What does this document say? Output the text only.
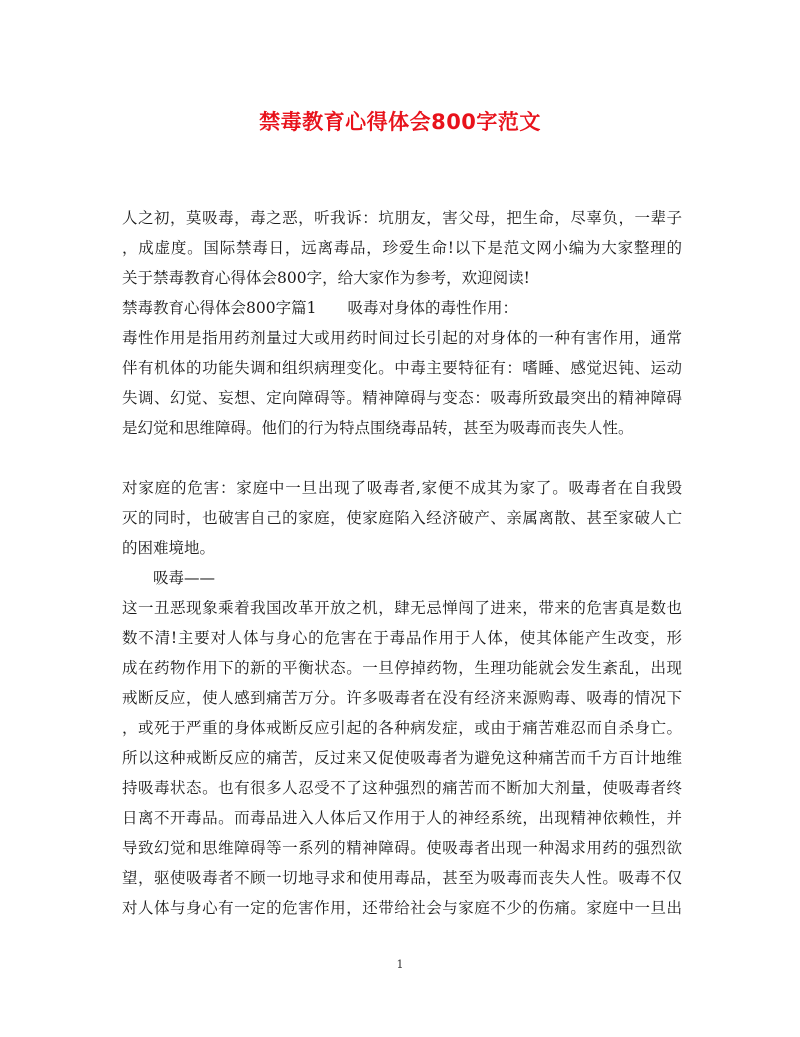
禁毒教育心得体会800字范文
人之初，莫吸毒，毒之恶，听我诉：坑朋友，害父母，把生命，尽辜负，一辈子
，成虚度。国际禁毒日，远离毒品，珍爱生命!以下是范文网小编为大家整理的
关于禁毒教育心得体会800字，给大家作为参考，欢迎阅读!
禁毒教育心得体会800字篇1　　吸毒对身体的毒性作用：
毒性作用是指用药剂量过大或用药时间过长引起的对身体的一种有害作用，通常
伴有机体的功能失调和组织病理变化。中毒主要特征有：嗜睡、感觉迟钝、运动
失调、幻觉、妄想、定向障碍等。精神障碍与变态：吸毒所致最突出的精神障碍
是幻觉和思维障碍。他们的行为特点围绕毒品转，甚至为吸毒而丧失人性。
对家庭的危害：家庭中一旦出现了吸毒者,家便不成其为家了。吸毒者在自我毁
灭的同时，也破害自己的家庭，使家庭陷入经济破产、亲属离散、甚至家破人亡
的困难境地。
吸毒——
这一丑恶现象乘着我国改革开放之机，肆无忌惮闯了进来，带来的危害真是数也
数不清!主要对人体与身心的危害在于毒品作用于人体，使其体能产生改变，形
成在药物作用下的新的平衡状态。一旦停掉药物，生理功能就会发生紊乱，出现
戒断反应，使人感到痛苦万分。许多吸毒者在没有经济来源购毒、吸毒的情况下
，或死于严重的身体戒断反应引起的各种病发症，或由于痛苦难忍而自杀身亡。
所以这种戒断反应的痛苦，反过来又促使吸毒者为避免这种痛苦而千方百计地维
持吸毒状态。也有很多人忍受不了这种强烈的痛苦而不断加大剂量，使吸毒者终
日离不开毒品。而毒品进入人体后又作用于人的神经系统，出现精神依赖性，并
导致幻觉和思维障碍等一系列的精神障碍。使吸毒者出现一种渴求用药的强烈欲
望，驱使吸毒者不顾一切地寻求和使用毒品，甚至为吸毒而丧失人性。吸毒不仅
对人体与身心有一定的危害作用，还带给社会与家庭不少的伤痛。家庭中一旦出
1
